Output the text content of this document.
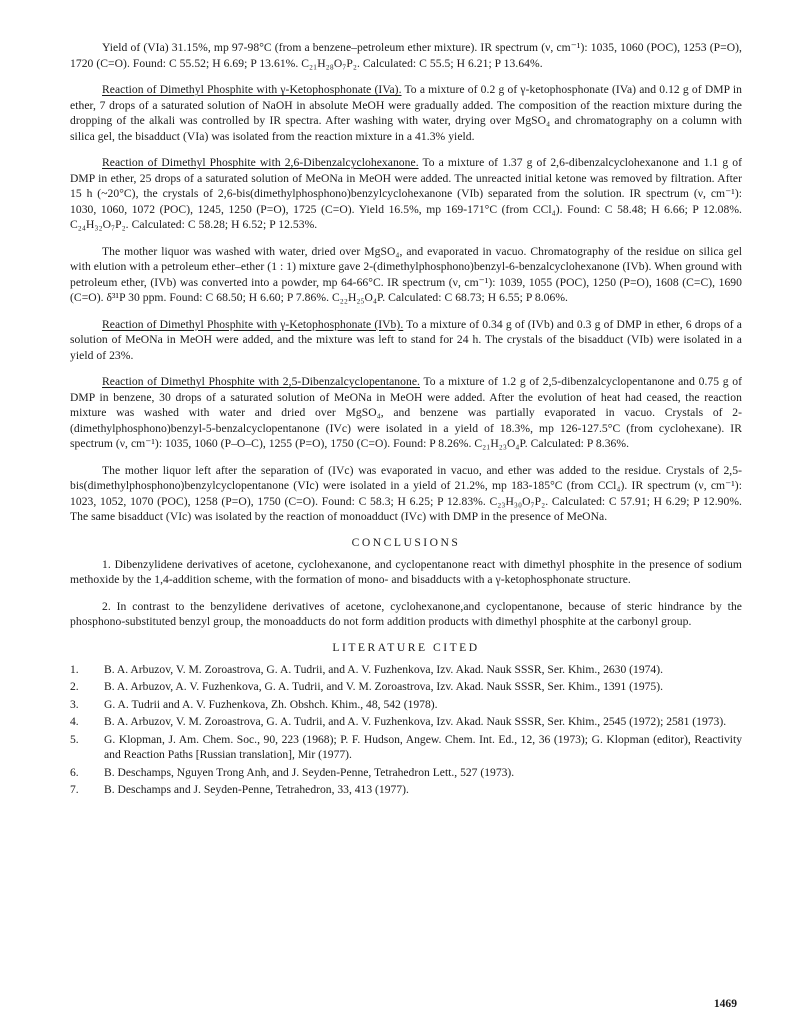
Yield of (VIa) 31.15%, mp 97-98°C (from a benzene–petroleum ether mixture). IR spectrum (ν, cm⁻¹): 1035, 1060 (POC), 1253 (P=O), 1720 (C=O). Found: C 55.52; H 6.69; P 13.61%. C₂₁H₂₈O₇P₂. Calculated: C 55.5; H 6.21; P 13.64%.

Reaction of Dimethyl Phosphite with γ-Ketophosphonate (IVa). To a mixture of 0.2 g of γ-ketophosphonate (IVa) and 0.12 g of DMP in ether, 7 drops of a saturated solution of NaOH in absolute MeOH were gradually added. The composition of the reaction mixture during the dropping of the alkali was controlled by IR spectra. After washing with water, drying over MgSO₄ and chromatography on a column with silica gel, the bisadduct (VIa) was isolated from the reaction mixture in a 41.3% yield.

Reaction of Dimethyl Phosphite with 2,6-Dibenzalcyclohexanone. To a mixture of 1.37 g of 2,6-dibenzalcyclohexanone and 1.1 g of DMP in ether, 25 drops of a saturated solution of MeONa in MeOH were added. The unreacted initial ketone was removed by filtration. After 15 h (~20°C), the crystals of 2,6-bis(dimethylphosphono)benzylcyclohexanone (VIb) separated from the solution. IR spectrum (ν, cm⁻¹): 1030, 1060, 1072 (POC), 1245, 1250 (P=O), 1725 (C=O). Yield 16.5%, mp 169-171°C (from CCl₄). Found: C 58.48; H 6.66; P 12.08%. C₂₄H₃₂O₇P₂. Calculated: C 58.28; H 6.52; P 12.53%.

The mother liquor was washed with water, dried over MgSO₄, and evaporated in vacuo. Chromatography of the residue on silica gel with elution with a petroleum ether–ether (1 : 1) mixture gave 2-(dimethylphosphono)benzyl-6-benzalcyclohexanone (IVb). When ground with petroleum ether, (IVb) was converted into a powder, mp 64-66°C. IR spectrum (ν, cm⁻¹): 1039, 1055 (POC), 1250 (P=O), 1608 (C=C), 1690 (C=O). δ³¹P 30 ppm. Found: C 68.50; H 6.60; P 7.86%. C₂₂H₂₅O₄P. Calculated: C 68.73; H 6.55; P 8.06%.

Reaction of Dimethyl Phosphite with γ-Ketophosphonate (IVb). To a mixture of 0.34 g of (IVb) and 0.3 g of DMP in ether, 6 drops of a solution of MeONa in MeOH were added, and the mixture was left to stand for 24 h. The crystals of the bisadduct (VIb) were isolated in a yield of 23%.

Reaction of Dimethyl Phosphite with 2,5-Dibenzalcyclopentanone. To a mixture of 1.2 g of 2,5-dibenzalcyclopentanone and 0.75 g of DMP in benzene, 30 drops of a saturated solution of MeONa in MeOH were added. After the evolution of heat had ceased, the reaction mixture was washed with water and dried over MgSO₄, and benzene was partially evaporated in vacuo. Crystals of 2-(dimethylphosphono)benzyl-5-benzalcyclopentanone (IVc) were isolated in a yield of 18.3%, mp 126-127.5°C (from cyclohexane). IR spectrum (ν, cm⁻¹): 1035, 1060 (P–O–C), 1255 (P=O), 1750 (C=O). Found: P 8.26%. C₂₁H₂₃O₄P. Calculated: P 8.36%.

The mother liquor left after the separation of (IVc) was evaporated in vacuo, and ether was added to the residue. Crystals of 2,5-bis(dimethylphosphono)benzylcyclopentanone (VIc) were isolated in a yield of 21.2%, mp 183-185°C (from CCl₄). IR spectrum (ν, cm⁻¹): 1023, 1052, 1070 (POC), 1258 (P=O), 1750 (C=O). Found: C 58.3; H 6.25; P 12.83%. C₂₃H₃₀O₇P₂. Calculated: C 57.91; H 6.29; P 12.90%. The same bisadduct (VIc) was isolated by the reaction of monoadduct (IVc) with DMP in the presence of MeONa.

CONCLUSIONS

1. Dibenzylidene derivatives of acetone, cyclohexanone, and cyclopentanone react with dimethyl phosphite in the presence of sodium methoxide by the 1,4-addition scheme, with the formation of mono- and bisadducts with a γ-ketophosphonate structure.

2. In contrast to the benzylidene derivatives of acetone, cyclohexanone,and cyclopentanone, because of steric hindrance by the phosphono-substituted benzyl group, the monoadducts do not form addition products with dimethyl phosphite at the carbonyl group.

LITERATURE CITED
1. B. A. Arbuzov, V. M. Zoroastrova, G. A. Tudrii, and A. V. Fuzhenkova, Izv. Akad. Nauk SSSR, Ser. Khim., 2630 (1974).
2. B. A. Arbuzov, A. V. Fuzhenkova, G. A. Tudrii, and V. M. Zoroastrova, Izv. Akad. Nauk SSSR, Ser. Khim., 1391 (1975).
3. G. A. Tudrii and A. V. Fuzhenkova, Zh. Obshch. Khim., 48, 542 (1978).
4. B. A. Arbuzov, V. M. Zoroastrova, G. A. Tudrii, and A. V. Fuzhenkova, Izv. Akad. Nauk SSSR, Ser. Khim., 2545 (1972); 2581 (1973).
5. G. Klopman, J. Am. Chem. Soc., 90, 223 (1968); P. F. Hudson, Angew. Chem. Int. Ed., 12, 36 (1973); G. Klopman (editor), Reactivity and Reaction Paths [Russian translation], Mir (1977).
6. B. Deschamps, Nguyen Trong Anh, and J. Seyden-Penne, Tetrahedron Lett., 527 (1973).
7. B. Deschamps and J. Seyden-Penne, Tetrahedron, 33, 413 (1977).
1469
